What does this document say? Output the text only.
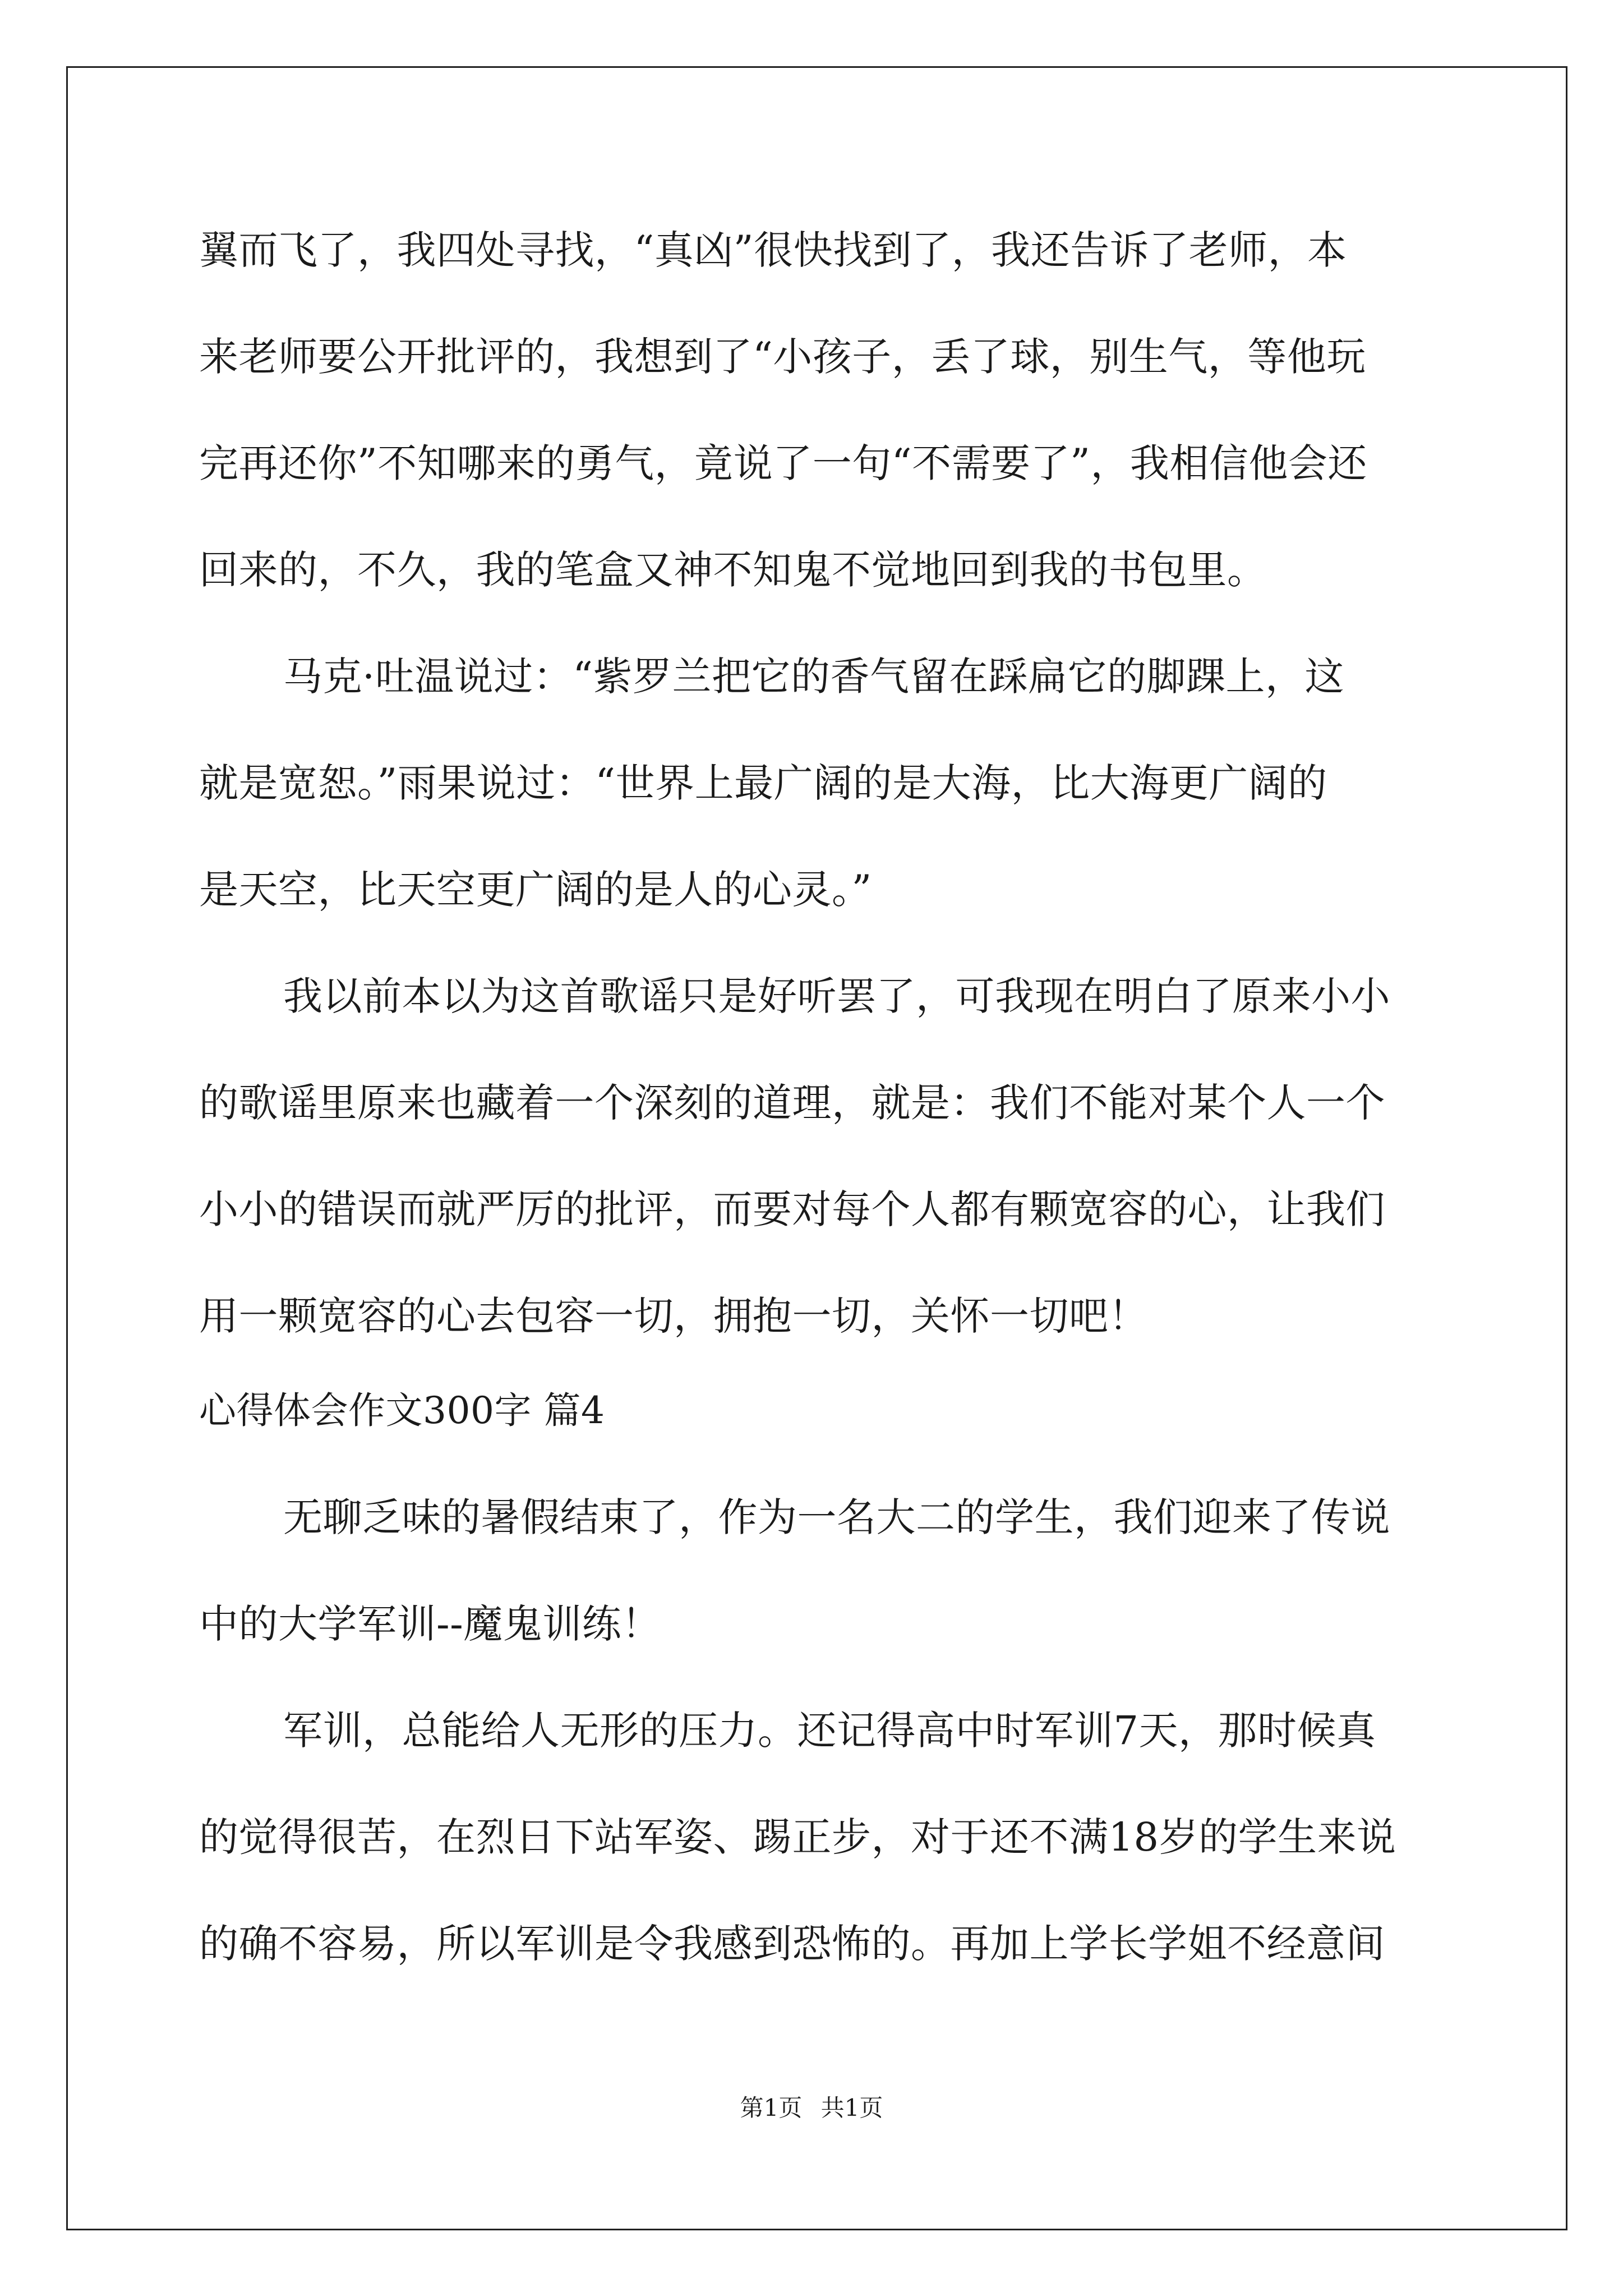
翼而飞了，我四处寻找，“真凶”很快找到了，我还告诉了老师，本
来老师要公开批评的，我想到了“小孩子，丢了球，别生气，等他玩
完再还你”不知哪来的勇气，竟说了一句“不需要了”，我相信他会还
回来的，不久，我的笔盒又神不知鬼不觉地回到我的书包里。
马克·吐温说过：“紫罗兰把它的香气留在踩扁它的脚踝上，这
就是宽恕。”雨果说过：“世界上最广阔的是大海，比大海更广阔的
是天空，比天空更广阔的是人的心灵。”
我以前本以为这首歌谣只是好听罢了，可我现在明白了原来小小
的歌谣里原来也藏着一个深刻的道理，就是：我们不能对某个人一个
小小的错误而就严厉的批评，而要对每个人都有颗宽容的心，让我们
用一颗宽容的心去包容一切，拥抱一切，关怀一切吧！
心得体会作文300字 篇4
无聊乏味的暑假结束了，作为一名大二的学生，我们迎来了传说
中的大学军训--魔鬼训练！
军训，总能给人无形的压力。还记得高中时军训7天，那时候真
的觉得很苦，在烈日下站军姿、踢正步，对于还不满18岁的学生来说
的确不容易，所以军训是令我感到恐怖的。再加上学长学姐不经意间
第1页 共1页
